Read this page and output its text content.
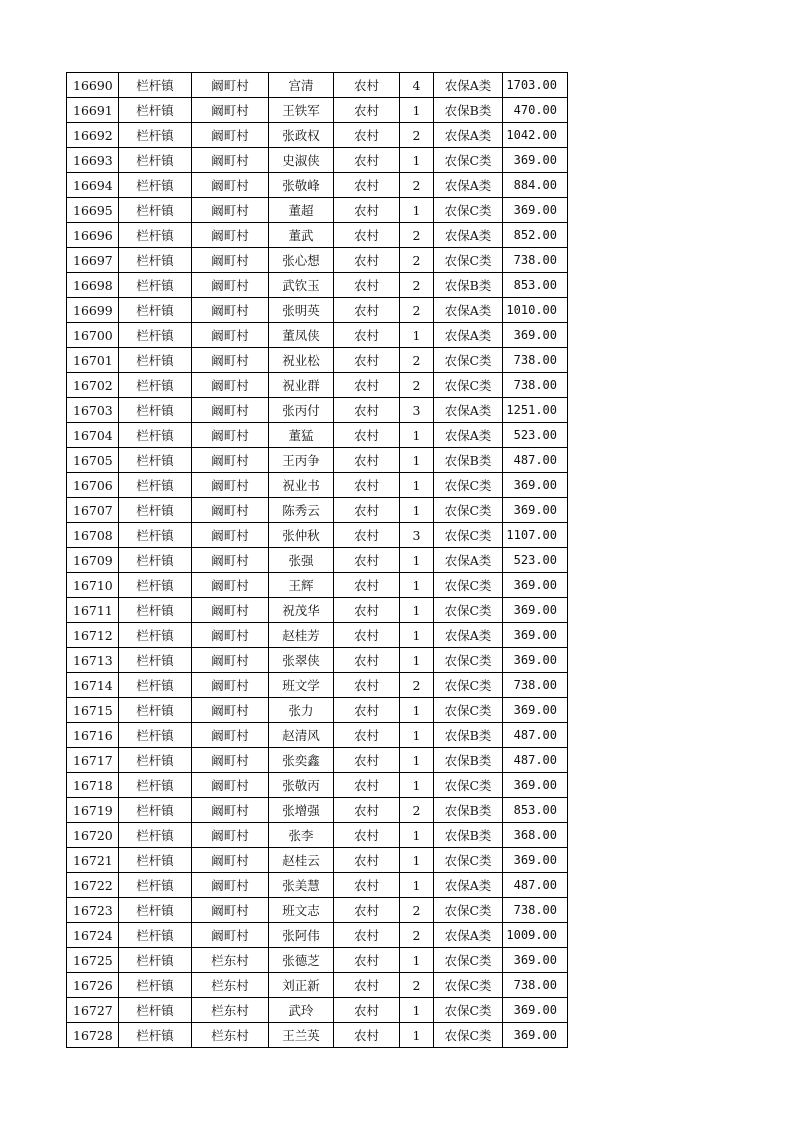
16690	栏杆镇	阚町村	宫清	农村	4	农保A类	1703.00
16691	栏杆镇	阚町村	王铁军	农村	1	农保B类	470.00
16692	栏杆镇	阚町村	张政权	农村	2	农保A类	1042.00
16693	栏杆镇	阚町村	史淑侠	农村	1	农保C类	369.00
16694	栏杆镇	阚町村	张敬峰	农村	2	农保A类	884.00
16695	栏杆镇	阚町村	董超	农村	1	农保C类	369.00
16696	栏杆镇	阚町村	董武	农村	2	农保A类	852.00
16697	栏杆镇	阚町村	张心想	农村	2	农保C类	738.00
16698	栏杆镇	阚町村	武钦玉	农村	2	农保B类	853.00
16699	栏杆镇	阚町村	张明英	农村	2	农保A类	1010.00
16700	栏杆镇	阚町村	董凤侠	农村	1	农保A类	369.00
16701	栏杆镇	阚町村	祝业松	农村	2	农保C类	738.00
16702	栏杆镇	阚町村	祝业群	农村	2	农保C类	738.00
16703	栏杆镇	阚町村	张丙付	农村	3	农保A类	1251.00
16704	栏杆镇	阚町村	董猛	农村	1	农保A类	523.00
16705	栏杆镇	阚町村	王丙争	农村	1	农保B类	487.00
16706	栏杆镇	阚町村	祝业书	农村	1	农保C类	369.00
16707	栏杆镇	阚町村	陈秀云	农村	1	农保C类	369.00
16708	栏杆镇	阚町村	张仲秋	农村	3	农保C类	1107.00
16709	栏杆镇	阚町村	张强	农村	1	农保A类	523.00
16710	栏杆镇	阚町村	王辉	农村	1	农保C类	369.00
16711	栏杆镇	阚町村	祝茂华	农村	1	农保C类	369.00
16712	栏杆镇	阚町村	赵桂芳	农村	1	农保A类	369.00
16713	栏杆镇	阚町村	张翠侠	农村	1	农保C类	369.00
16714	栏杆镇	阚町村	班文学	农村	2	农保C类	738.00
16715	栏杆镇	阚町村	张力	农村	1	农保C类	369.00
16716	栏杆镇	阚町村	赵清风	农村	1	农保B类	487.00
16717	栏杆镇	阚町村	张奕鑫	农村	1	农保B类	487.00
16718	栏杆镇	阚町村	张敬丙	农村	1	农保C类	369.00
16719	栏杆镇	阚町村	张增强	农村	2	农保B类	853.00
16720	栏杆镇	阚町村	张李	农村	1	农保B类	368.00
16721	栏杆镇	阚町村	赵桂云	农村	1	农保C类	369.00
16722	栏杆镇	阚町村	张美慧	农村	1	农保A类	487.00
16723	栏杆镇	阚町村	班文志	农村	2	农保C类	738.00
16724	栏杆镇	阚町村	张阿伟	农村	2	农保A类	1009.00
16725	栏杆镇	栏东村	张德芝	农村	1	农保C类	369.00
16726	栏杆镇	栏东村	刘正新	农村	2	农保C类	738.00
16727	栏杆镇	栏东村	武玲	农村	1	农保C类	369.00
16728	栏杆镇	栏东村	王兰英	农村	1	农保C类	369.00
